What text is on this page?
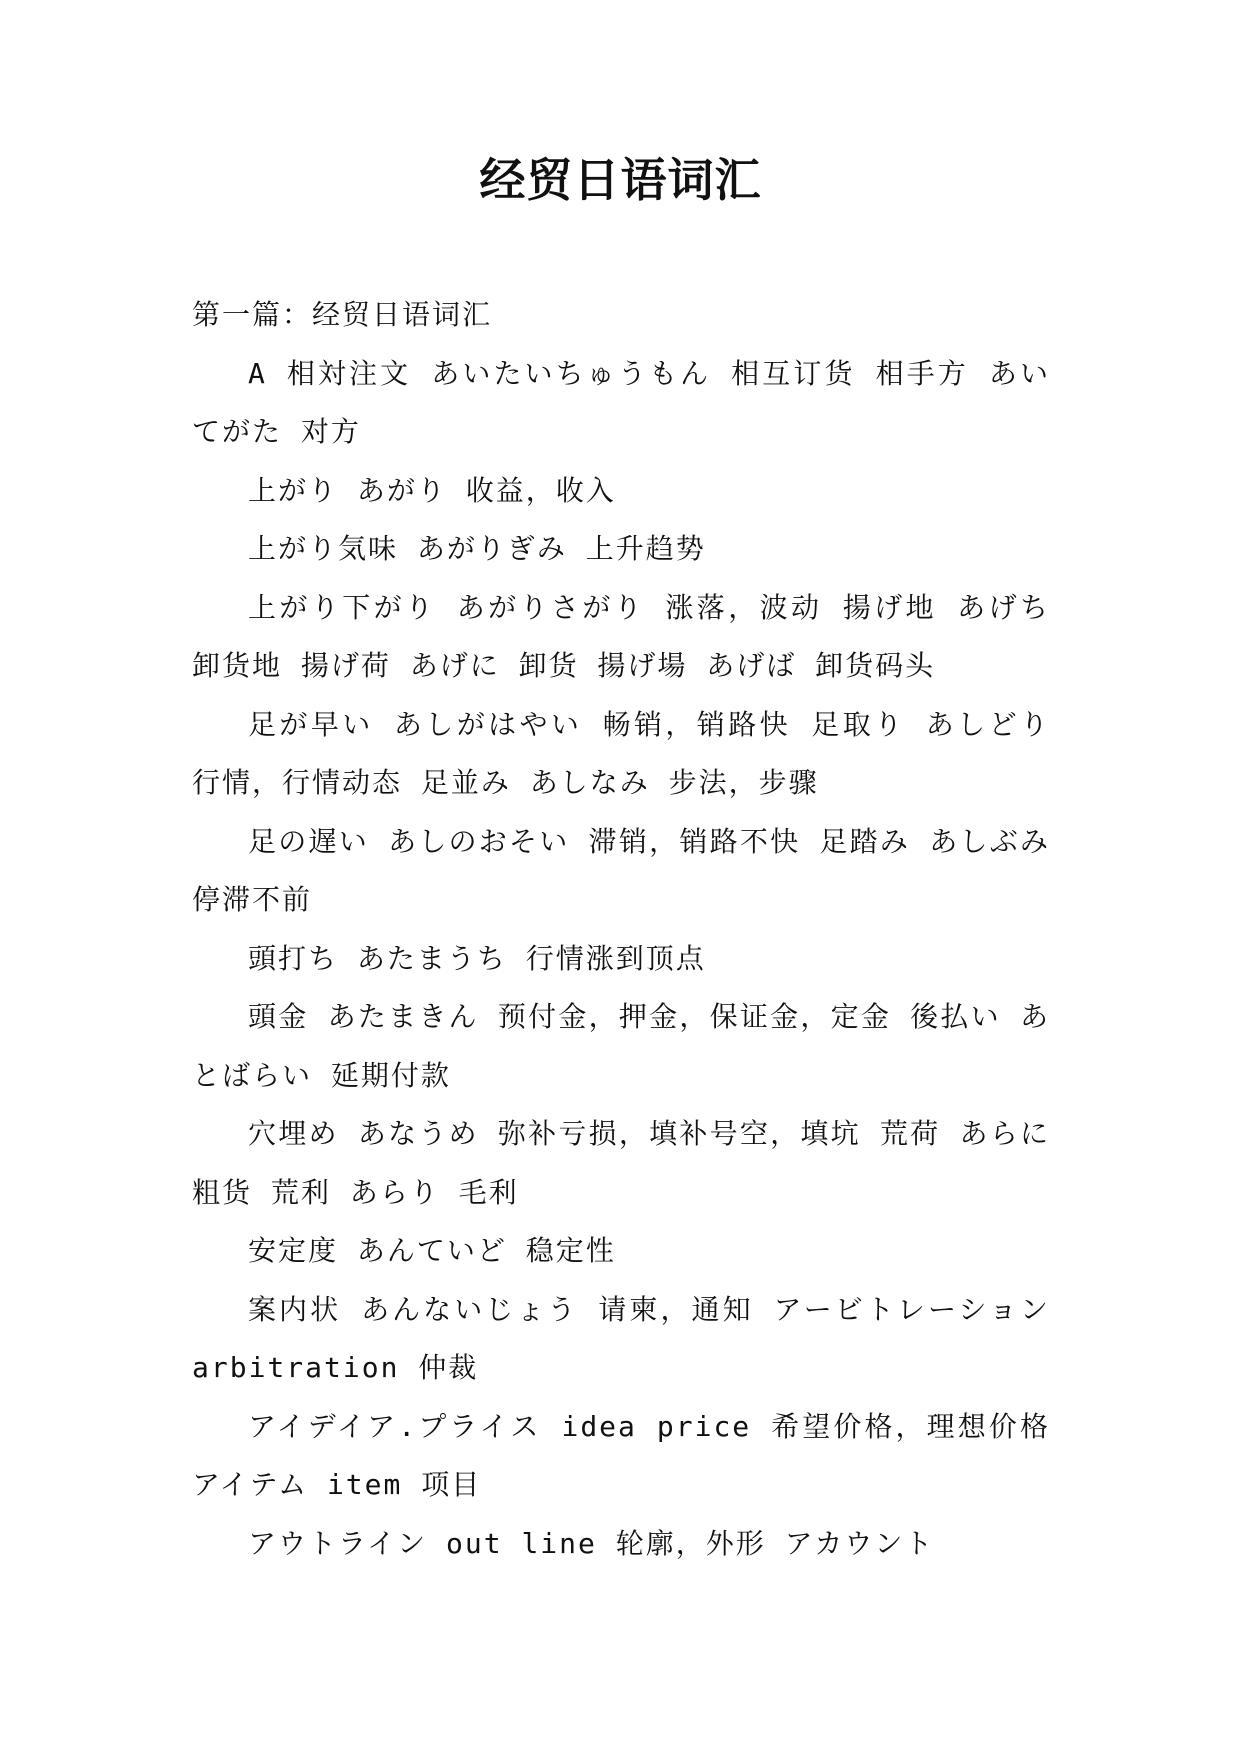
经贸日语词汇

第一篇：经贸日语词汇

A 相対注文 あいたいちゅうもん 相互订货 相手方 あいてがた 对方

上がり あがり 收益，收入

上がり気味 あがりぎみ 上升趋势

上がり下がり あがりさがり 涨落，波动 揚げ地 あげち 卸货地 揚げ荷 あげに 卸货 揚げ場 あげば 卸货码头

足が早い あしがはやい 畅销，销路快 足取り あしどり 行情，行情动态 足並み あしなみ 步法，步骤

足の遅い あしのおそい 滞销，销路不快 足踏み あしぶみ 停滞不前

頭打ち あたまうち 行情涨到顶点

頭金 あたまきん 预付金，押金，保证金，定金 後払い あとばらい 延期付款

穴埋め あなうめ 弥补亏损，填补号空，填坑 荒荷 あらに 粗货 荒利 あらり 毛利

安定度 あんていど 稳定性

案内状 あんないじょう 请柬，通知 アービトレーション arbitration 仲裁

アイデイア.プライス idea price 希望价格，理想价格 アイテム item 项目

アウトライン out line 轮廓，外形 アカウント
